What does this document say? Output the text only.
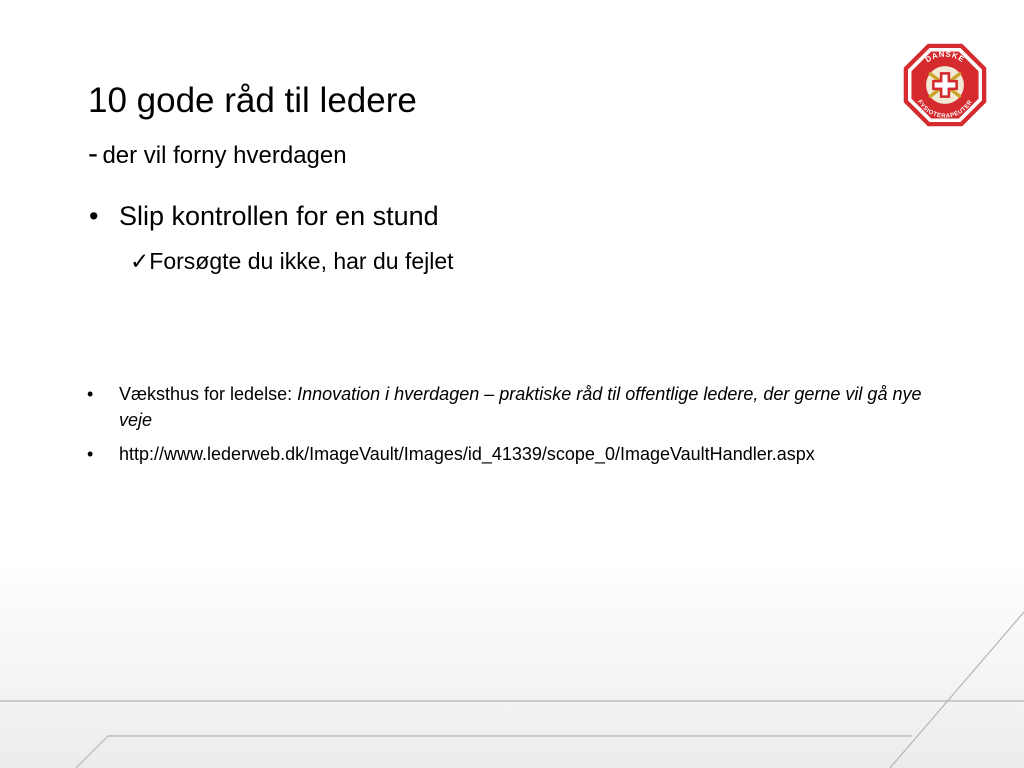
10 gode råd til ledere
- der vil forny hverdagen
• Slip kontrollen for en stund
✓Forsøgte du ikke, har du fejlet
• Væksthus for ledelse: Innovation i hverdagen – praktiske råd til offentlige ledere, der gerne vil gå nye veje
• http://www.lederweb.dk/ImageVault/Images/id_41339/scope_0/ImageVaultHandler.aspx
DANSKE
FYSIOTERAPEUTER
